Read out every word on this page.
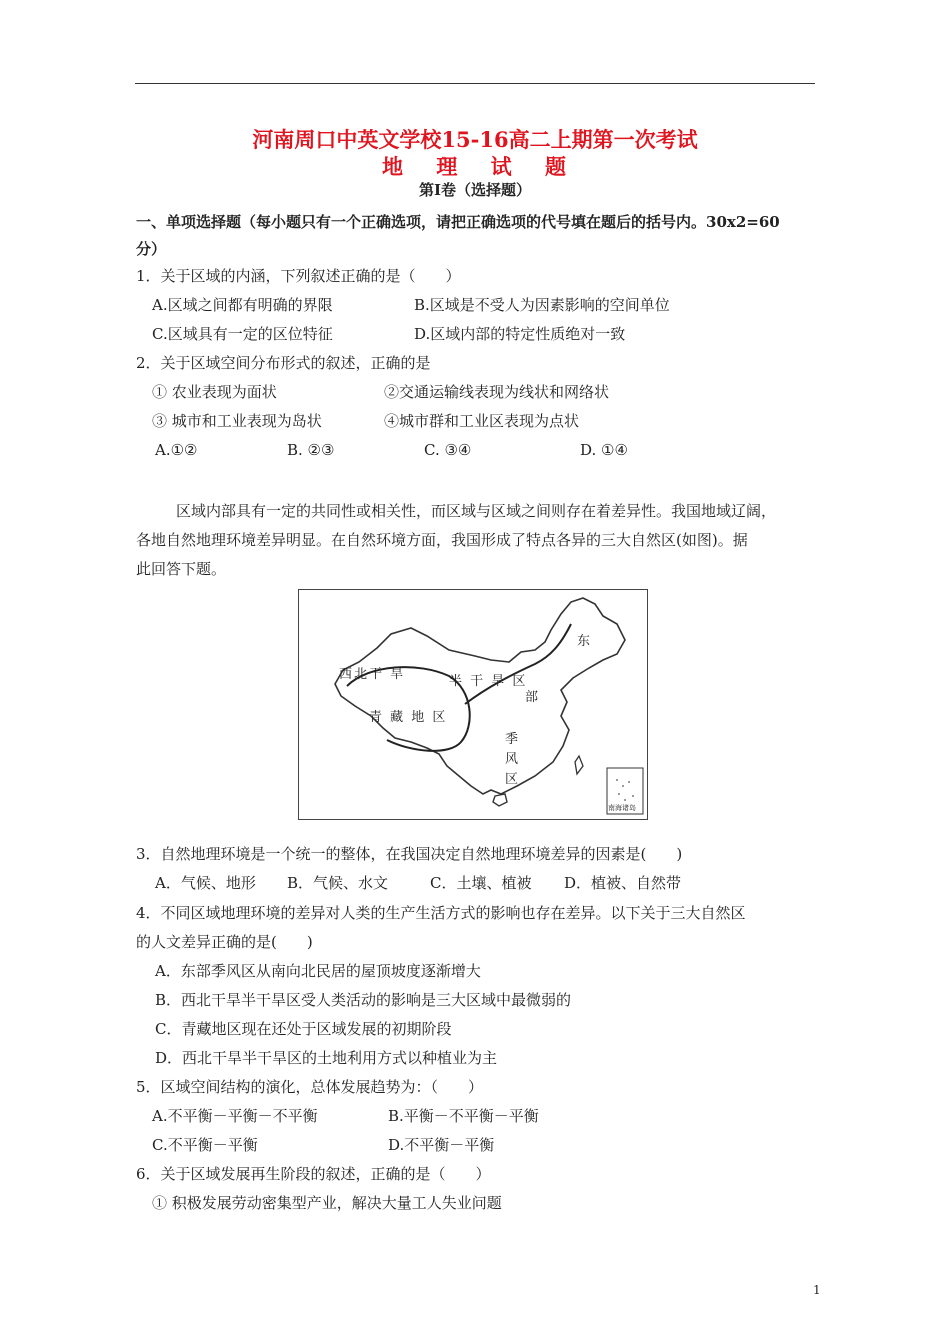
河南周口中英文学校15-16高二上期第一次考试
地 理 试 题
第Ⅰ卷（选择题）
一、单项选择题（每小题只有一个正确选项，请把正确选项的代号填在题后的括号内。30x2=60
分）
1．关于区域的内涵，下列叙述正确的是（　　）
A.区域之间都有明确的界限	B.区域是不受人为因素影响的空间单位
C.区域具有一定的区位特征	D.区域内部的特定性质绝对一致
2．关于区域空间分布形式的叙述，正确的是
① 农业表现为面状	②交通运输线表现为线状和网络状
③ 城市和工业表现为岛状	④城市群和工业区表现为点状
A.①②	B. ②③	C. ③④	D. ①④
区域内部具有一定的共同性或相关性，而区域与区域之间则存在着差异性。我国地域辽阔，
各地自然地理环境差异明显。在自然环境方面，我国形成了特点各异的三大自然区(如图)。据
此回答下题。
西北干 旱	半 干 旱 区
青 藏 地 区
东
部
季
风
区
南海诸岛
3．自然地理环境是一个统一的整体，在我国决定自然地理环境差异的因素是(　　)
A．气候、地形 B．气候、水文	C．土壤、植被 D．植被、自然带
4．不同区域地理环境的差异对人类的生产生活方式的影响也存在差异。以下关于三大自然区
的人文差异正确的是(　　)
A．东部季风区从南向北民居的屋顶坡度逐渐增大
B．西北干旱半干旱区受人类活动的影响是三大区域中最微弱的
C．青藏地区现在还处于区域发展的初期阶段
D．西北干旱半干旱区的土地利用方式以种植业为主
5．区域空间结构的演化，总体发展趋势为：（　　）
A.不平衡－平衡－不平衡	B.平衡－不平衡－平衡
C.不平衡－平衡	D.不平衡－平衡
6．关于区域发展再生阶段的叙述，正确的是（　　）
① 积极发展劳动密集型产业，解决大量工人失业问题
1
